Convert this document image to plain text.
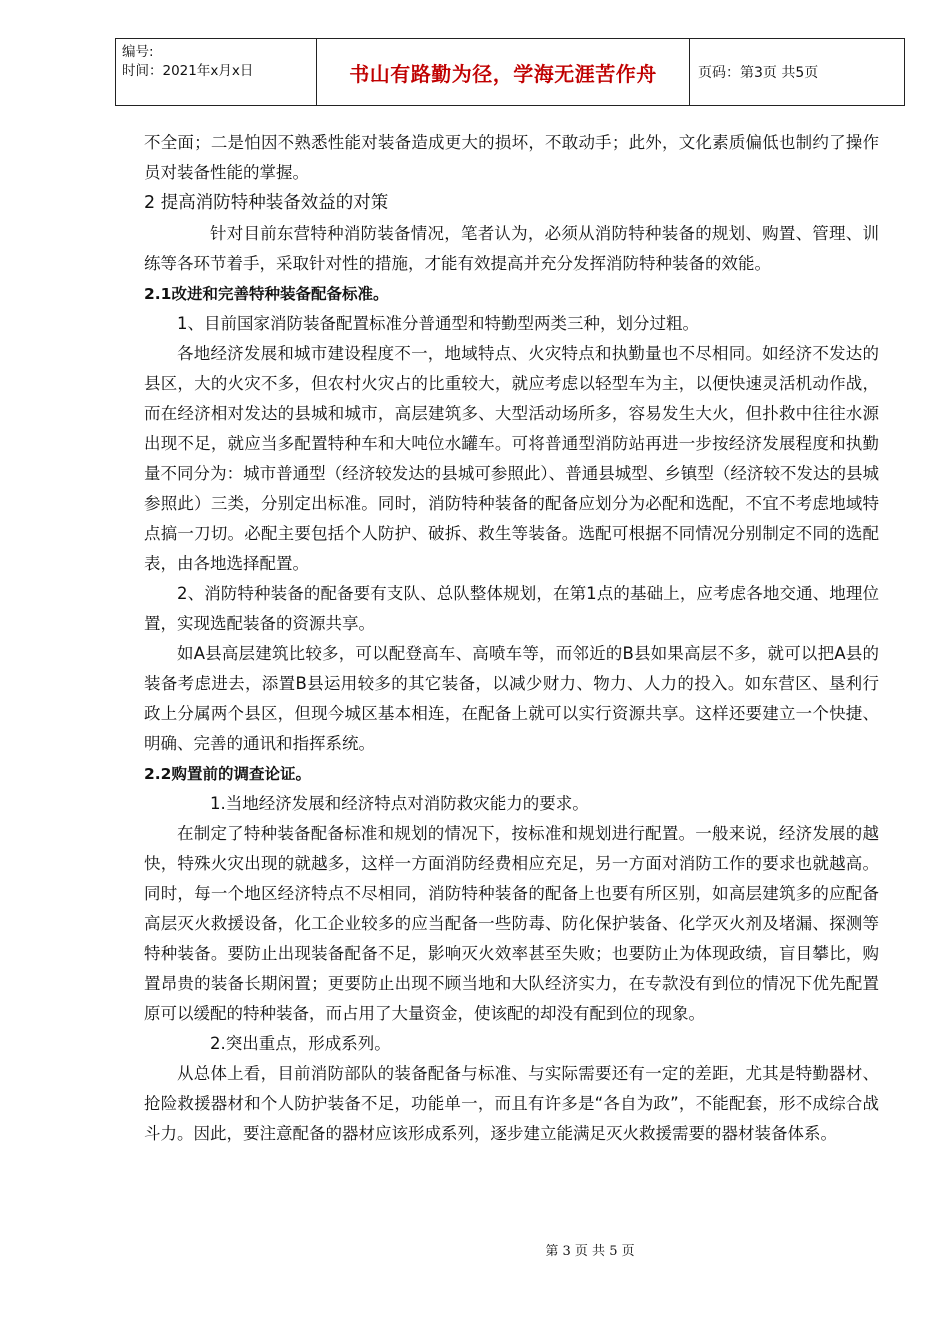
编号:
时间：2021年x月x日	书山有路勤为径，学海无涯苦作舟	页码：第3页 共5页

不全面；二是怕因不熟悉性能对装备造成更大的损坏，不敢动手；此外，文化素质偏低也制约了操作员对装备性能的掌握。

2 提高消防特种装备效益的对策

针对目前东营特种消防装备情况，笔者认为，必须从消防特种装备的规划、购置、管理、训练等各环节着手，采取针对性的措施，才能有效提高并充分发挥消防特种装备的效能。

2.1改进和完善特种装备配备标准。

1、目前国家消防装备配置标准分普通型和特勤型两类三种，划分过粗。

各地经济发展和城市建设程度不一，地域特点、火灾特点和执勤量也不尽相同。如经济不发达的县区，大的火灾不多，但农村火灾占的比重较大，就应考虑以轻型车为主，以便快速灵活机动作战，而在经济相对发达的县城和城市，高层建筑多、大型活动场所多，容易发生大火，但扑救中往往水源出现不足，就应当多配置特种车和大吨位水罐车。可将普通型消防站再进一步按经济发展程度和执勤量不同分为：城市普通型（经济较发达的县城可参照此）、普通县城型、乡镇型（经济较不发达的县城参照此）三类，分别定出标准。同时，消防特种装备的配备应划分为必配和选配，不宜不考虑地域特点搞一刀切。必配主要包括个人防护、破拆、救生等装备。选配可根据不同情况分别制定不同的选配表，由各地选择配置。

2、消防特种装备的配备要有支队、总队整体规划，在第1点的基础上，应考虑各地交通、地理位置，实现选配装备的资源共享。

如A县高层建筑比较多，可以配登高车、高喷车等，而邻近的B县如果高层不多，就可以把A县的装备考虑进去，添置B县运用较多的其它装备，以减少财力、物力、人力的投入。如东营区、垦利行政上分属两个县区，但现今城区基本相连，在配备上就可以实行资源共享。这样还要建立一个快捷、明确、完善的通讯和指挥系统。

2.2购置前的调查论证。

1.当地经济发展和经济特点对消防救灾能力的要求。

在制定了特种装备配备标准和规划的情况下，按标准和规划进行配置。一般来说，经济发展的越快，特殊火灾出现的就越多，这样一方面消防经费相应充足，另一方面对消防工作的要求也就越高。同时，每一个地区经济特点不尽相同，消防特种装备的配备上也要有所区别，如高层建筑多的应配备高层灭火救援设备，化工企业较多的应当配备一些防毒、防化保护装备、化学灭火剂及堵漏、探测等特种装备。要防止出现装备配备不足，影响灭火效率甚至失败；也要防止为体现政绩，盲目攀比，购置昂贵的装备长期闲置；更要防止出现不顾当地和大队经济实力，在专款没有到位的情况下优先配置原可以缓配的特种装备，而占用了大量资金，使该配的却没有配到位的现象。

2.突出重点，形成系列。

从总体上看，目前消防部队的装备配备与标准、与实际需要还有一定的差距，尤其是特勤器材、抢险救援器材和个人防护装备不足，功能单一，而且有许多是“各自为政”，不能配套，形不成综合战斗力。因此，要注意配备的器材应该形成系列，逐步建立能满足灭火救援需要的器材装备体系。

第 3 页 共 5 页
